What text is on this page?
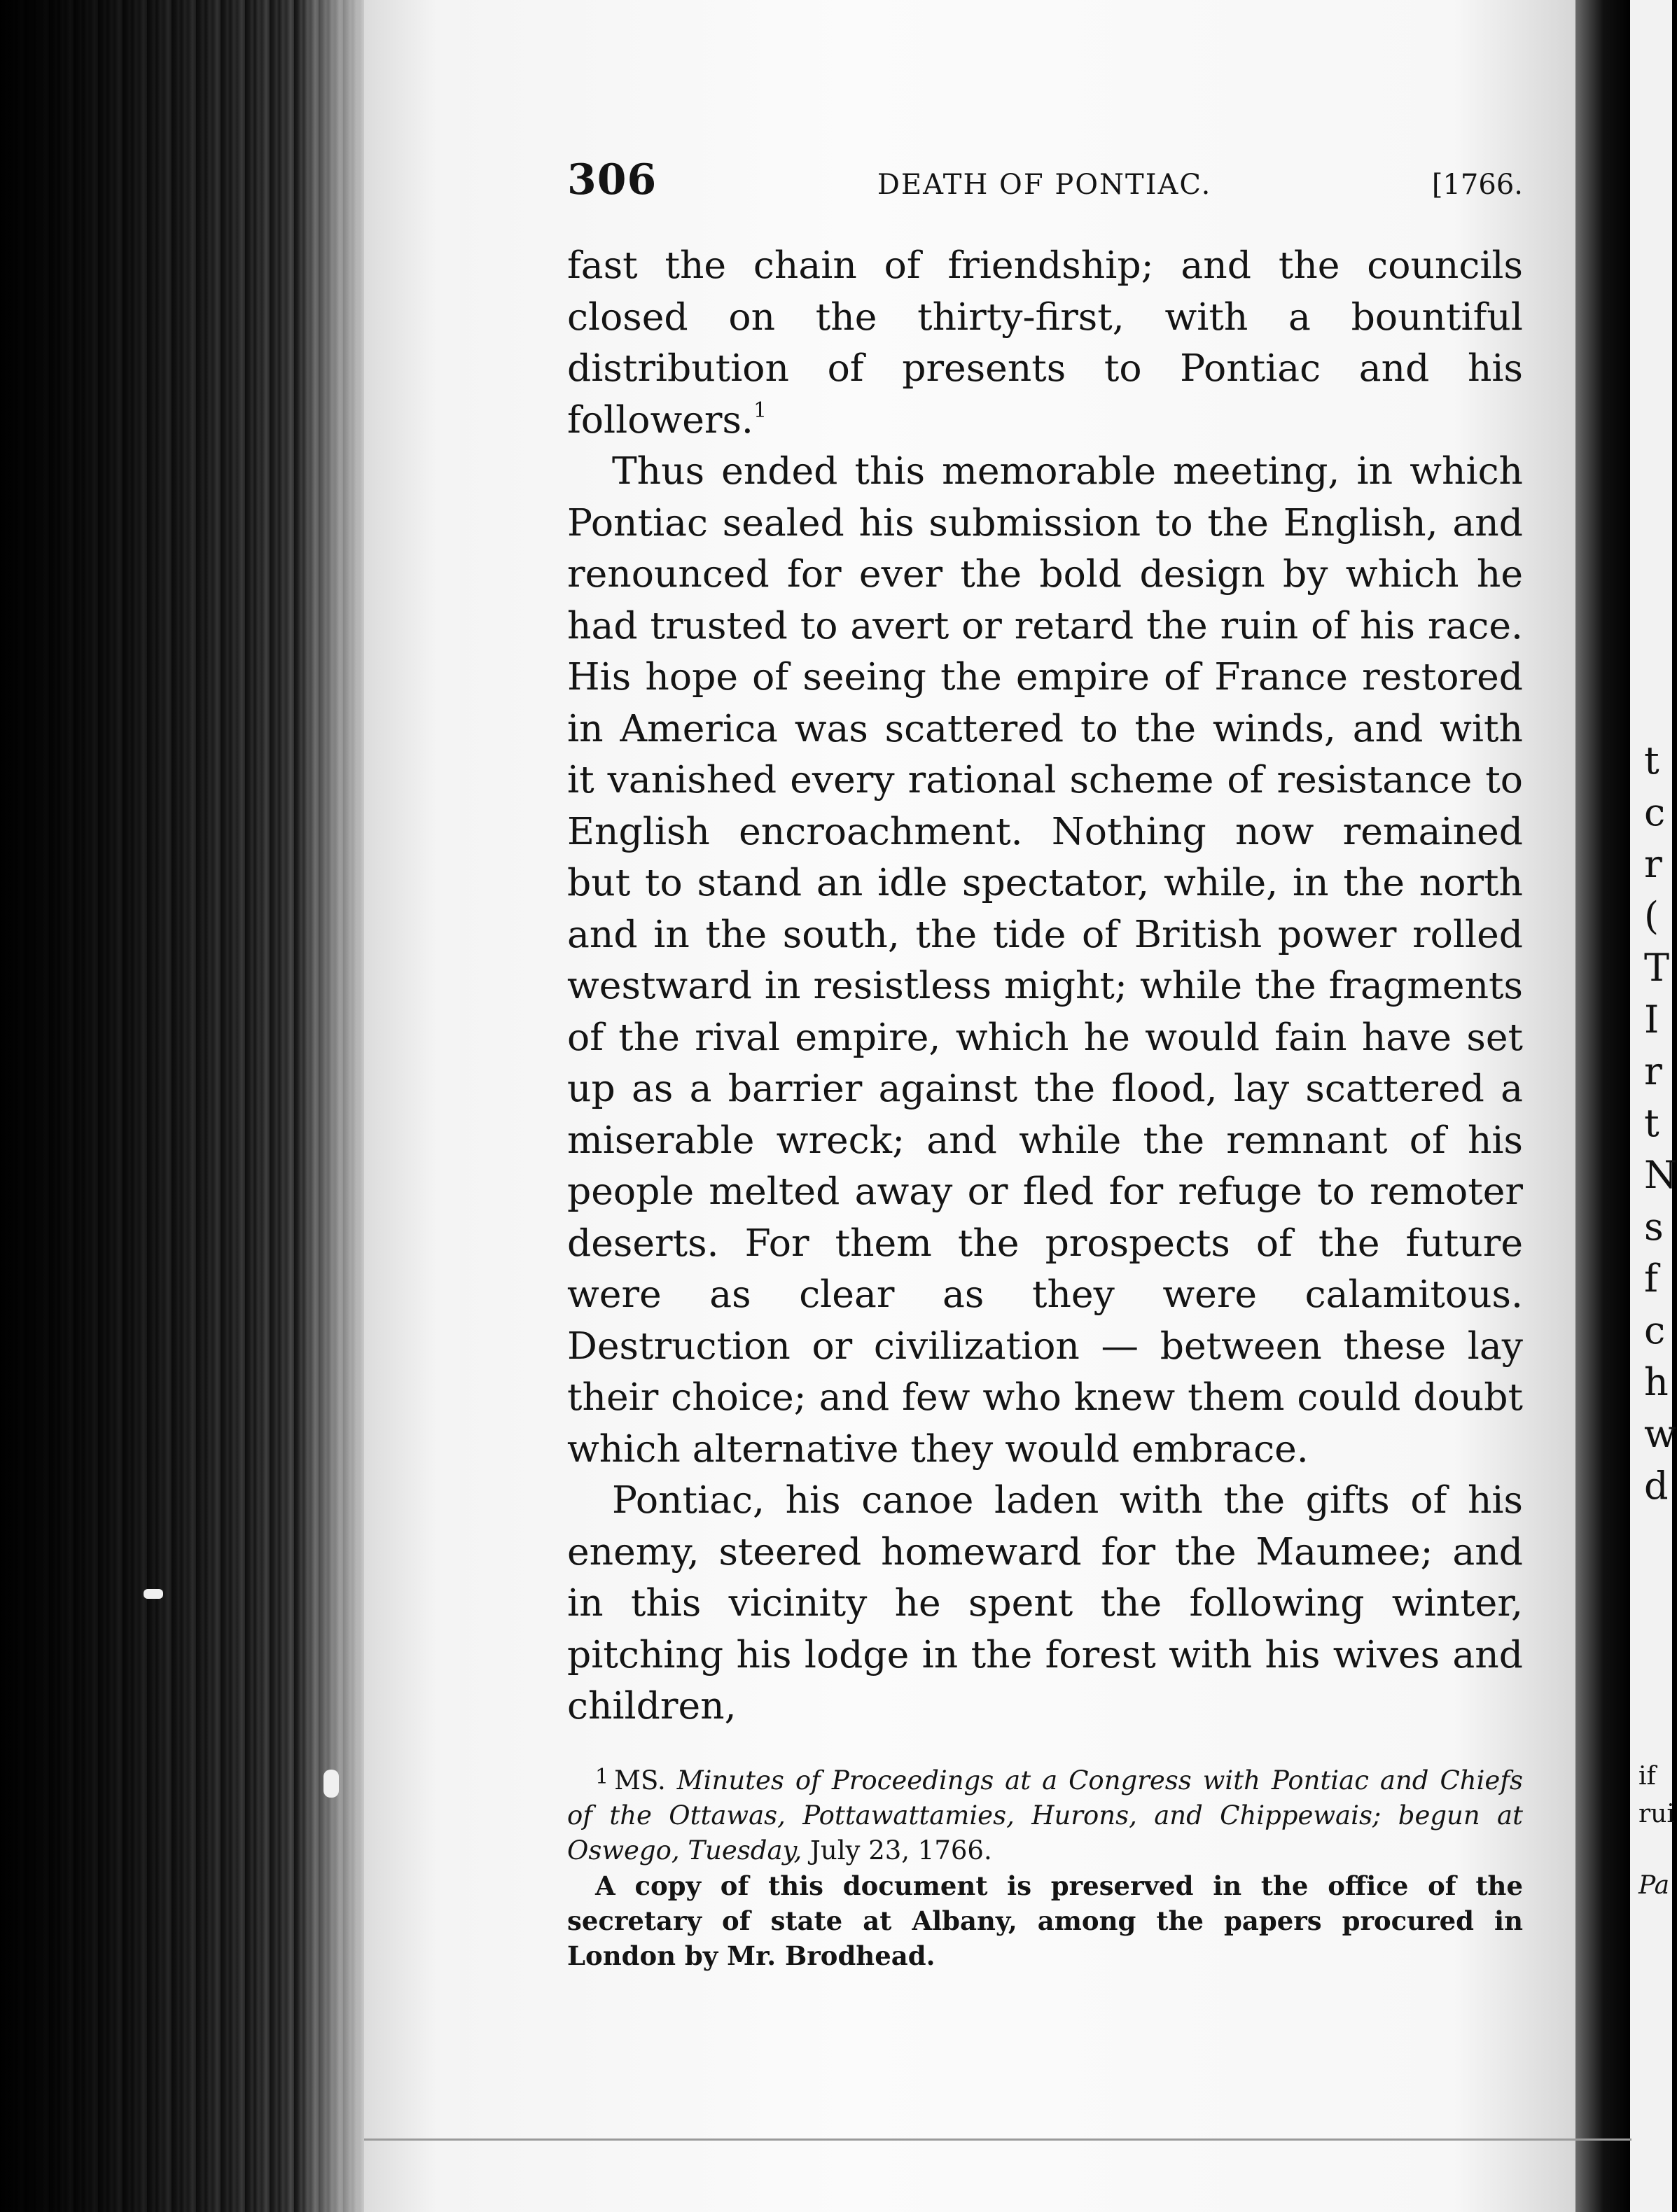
t
c
r
(
T
I
r
t
N
s
f
c
h
w
d
if
rui
Pa
306	DEATH OF PONTIAC.	[1766.

fast the chain of friendship; and the councils closed on the thirty-first, with a bountiful distribution of presents to Pontiac and his followers.$^1$

Thus ended this memorable meeting, in which Pontiac sealed his submission to the English, and renounced for ever the bold design by which he had trusted to avert or retard the ruin of his race. His hope of seeing the empire of France restored in America was scattered to the winds, and with it vanished every rational scheme of resistance to English encroachment. Nothing now remained but to stand an idle spectator, while, in the north and in the south, the tide of British power rolled westward in resistless might; while the fragments of the rival empire, which he would fain have set up as a barrier against the flood, lay scattered a miserable wreck; and while the remnant of his people melted away or fled for refuge to remoter deserts. For them the prospects of the future were as clear as they were calamitous. Destruction or civilization — between these lay their choice; and few who knew them could doubt which alternative they would embrace.

Pontiac, his canoe laden with the gifts of his enemy, steered homeward for the Maumee; and in this vicinity he spent the following winter, pitching his lodge in the forest with his wives and children,

$^1$ MS. Minutes of Proceedings at a Congress with Pontiac and Chiefs of the Ottawas, Pottawattamies, Hurons, and Chippewais; begun at Oswego, Tuesday, July 23, 1766.

A copy of this document is preserved in the office of the secretary of state at Albany, among the papers procured in London by Mr. Brodhead.
